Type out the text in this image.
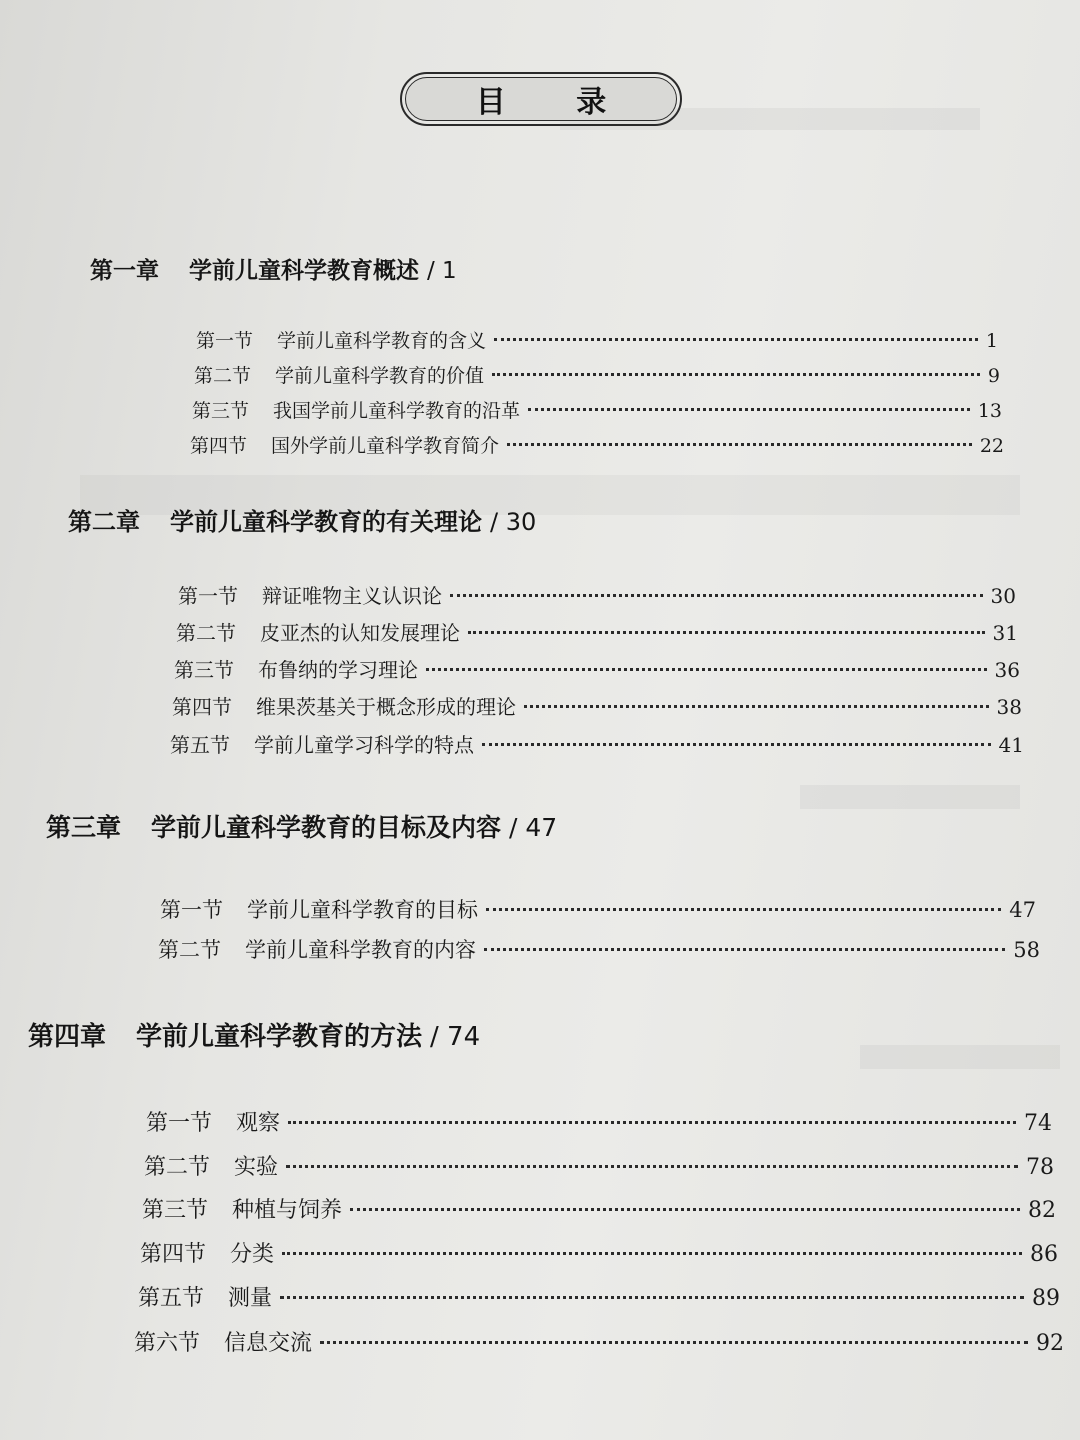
目 录
第一章 学前儿童科学教育概述 / 1
第一节 学前儿童科学教育的含义	1
第二节 学前儿童科学教育的价值	9
第三节 我国学前儿童科学教育的沿革	13
第四节 国外学前儿童科学教育简介	22
第二章 学前儿童科学教育的有关理论 / 30
第一节 辩证唯物主义认识论	30
第二节 皮亚杰的认知发展理论	31
第三节 布鲁纳的学习理论	36
第四节 维果茨基关于概念形成的理论	38
第五节 学前儿童学习科学的特点	41
第三章 学前儿童科学教育的目标及内容 / 47
第一节 学前儿童科学教育的目标	47
第二节 学前儿童科学教育的内容	58
第四章 学前儿童科学教育的方法 / 74
第一节 观察	74
第二节 实验	78
第三节 种植与饲养	82
第四节 分类	86
第五节 测量	89
第六节 信息交流	92
